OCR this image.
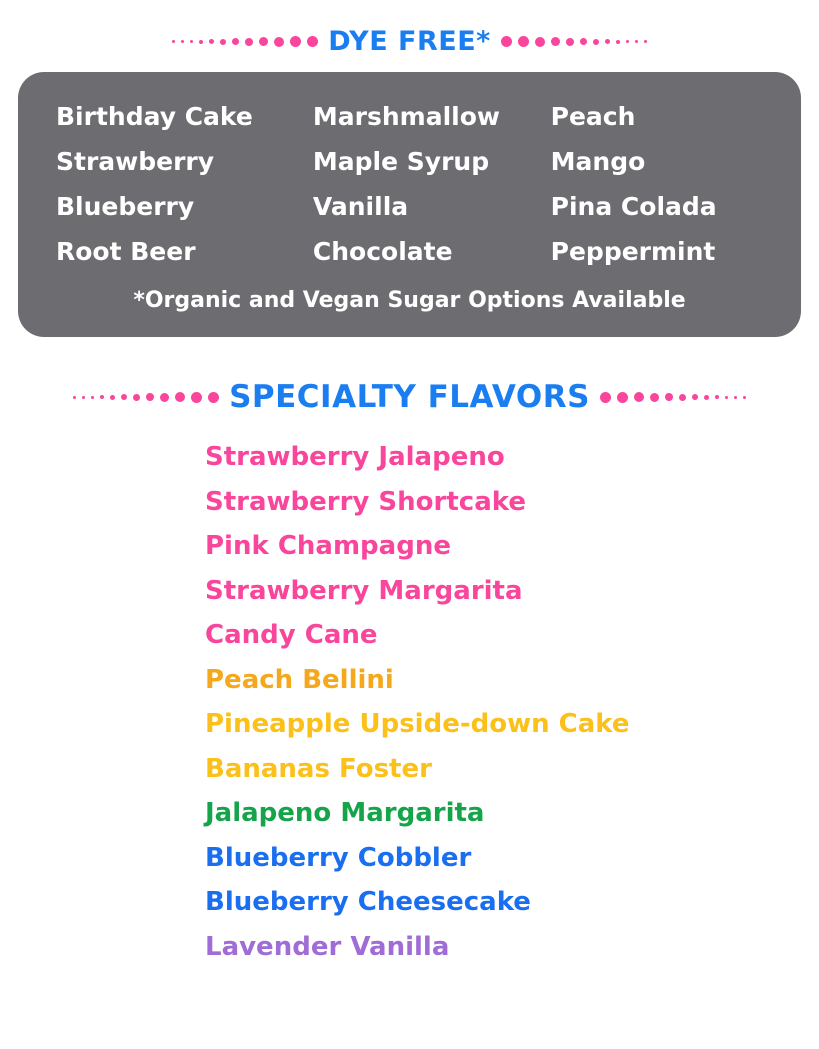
DYE FREE*
Birthday Cake
Strawberry
Blueberry
Root Beer
Marshmallow
Maple Syrup
Vanilla
Chocolate
Peach
Mango
Pina Colada
Peppermint
*Organic and Vegan Sugar Options Available
SPECIALTY FLAVORS
Strawberry Jalapeno
Strawberry Shortcake
Pink Champagne
Strawberry Margarita
Candy Cane
Peach Bellini
Pineapple Upside-down Cake
Bananas Foster
Jalapeno Margarita
Blueberry Cobbler
Blueberry Cheesecake
Lavender Vanilla
